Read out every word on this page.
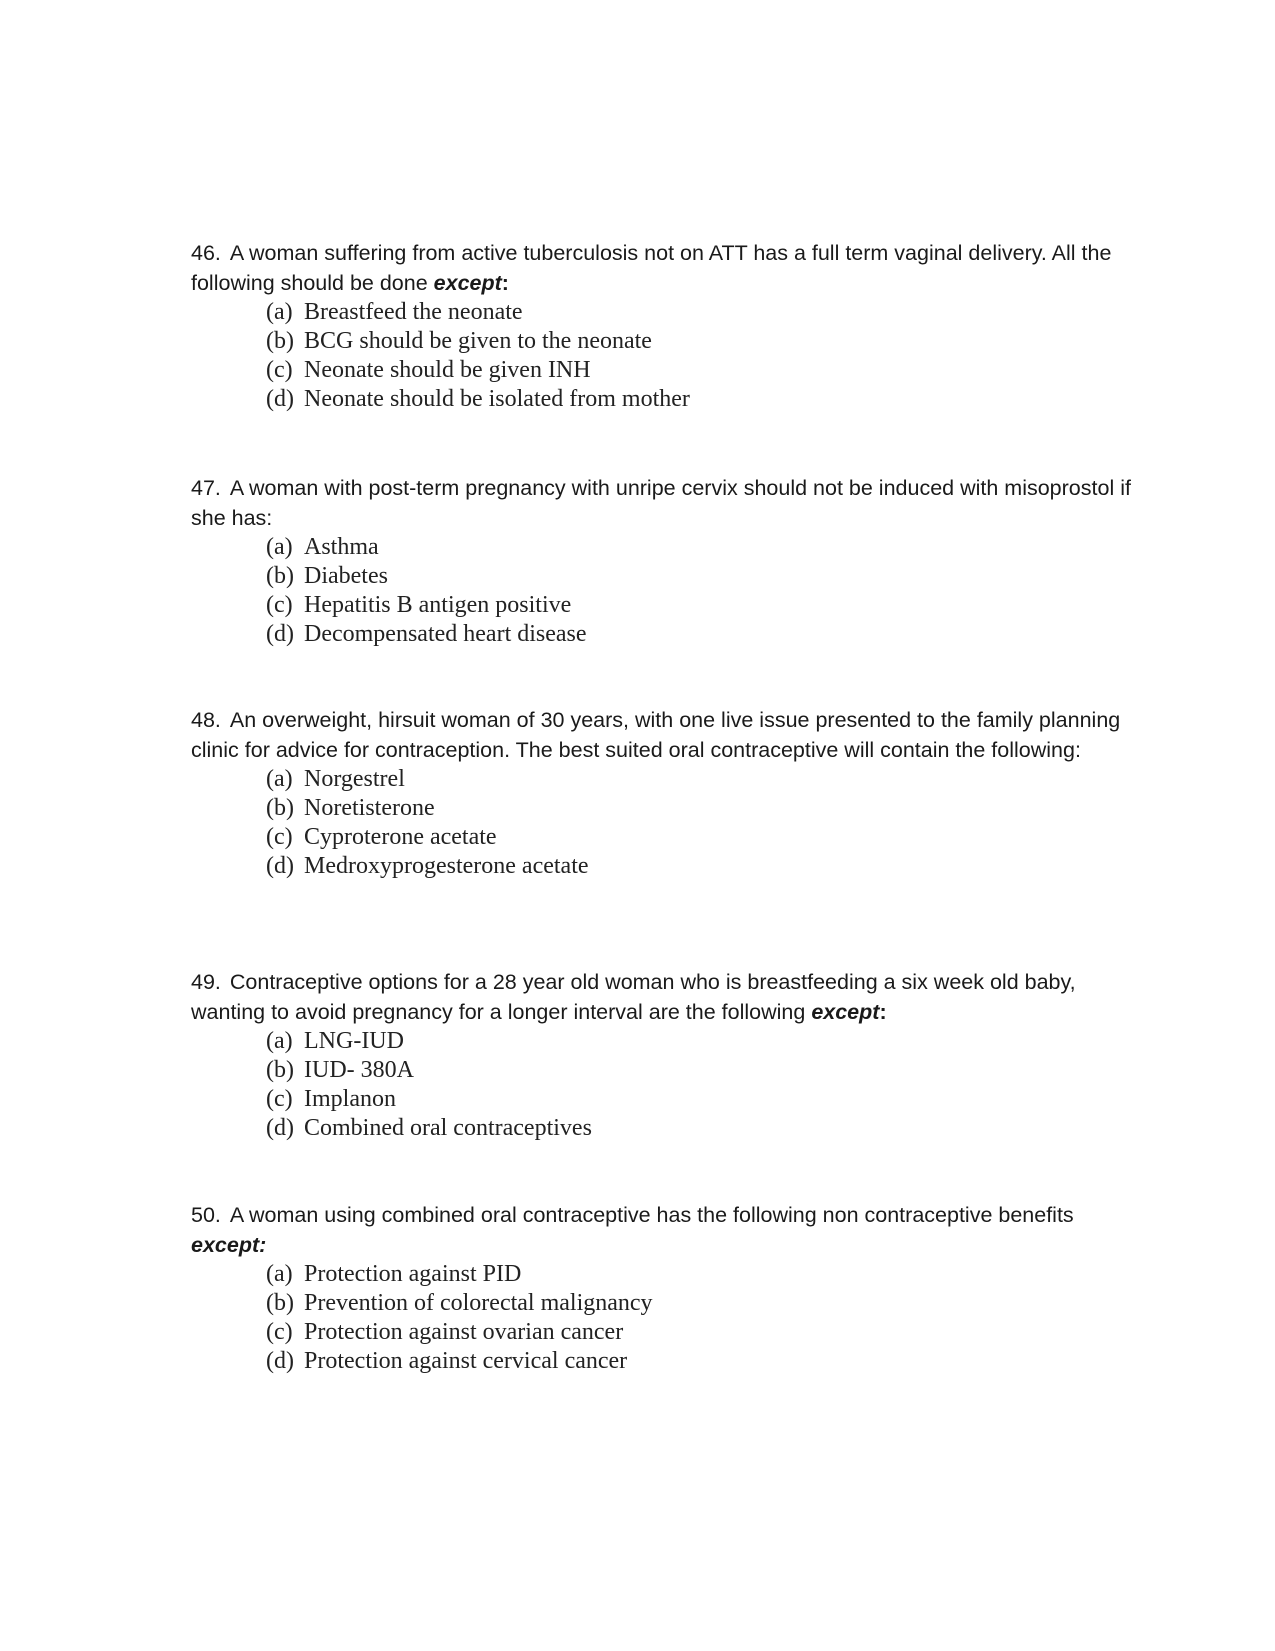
46. A woman suffering from active tuberculosis not on ATT has a full term vaginal delivery. All the following should be done except:

(a) Breastfeed the neonate
(b) BCG should be given to the neonate
(c) Neonate should be given INH
(d) Neonate should be isolated from mother

47. A woman with post-term pregnancy with unripe cervix should not be induced with misoprostol if she has:

(a) Asthma
(b) Diabetes
(c) Hepatitis B antigen positive
(d) Decompensated heart disease

48. An overweight, hirsuit woman of 30 years, with one live issue presented to the family planning clinic for advice for contraception. The best suited oral contraceptive will contain the following:

(a) Norgestrel
(b) Noretisterone
(c) Cyproterone acetate
(d) Medroxyprogesterone acetate

49. Contraceptive options for a 28 year old woman who is breastfeeding a six week old baby, wanting to avoid pregnancy for a longer interval are the following except:

(a) LNG-IUD
(b) IUD- 380A
(c) Implanon
(d) Combined oral contraceptives

50. A woman using combined oral contraceptive has the following non contraceptive benefits except:

(a) Protection against PID
(b) Prevention of colorectal malignancy
(c) Protection against ovarian cancer
(d) Protection against cervical cancer
